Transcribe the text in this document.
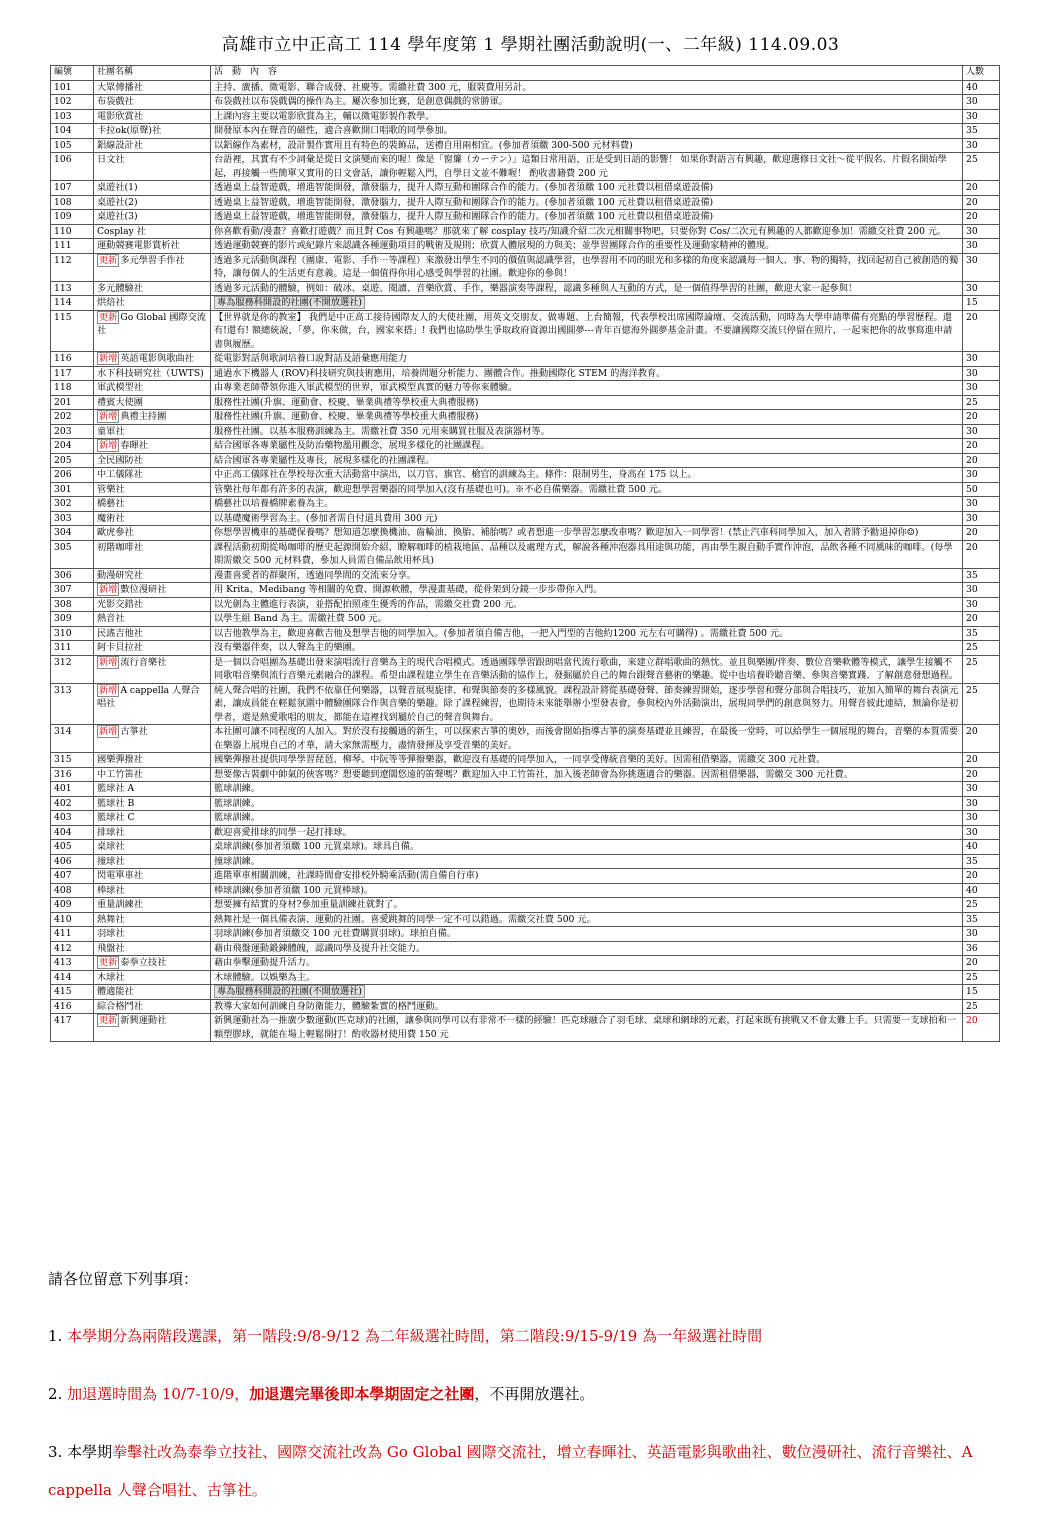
高雄市立中正高工 114 學年度第 1 學期社團活動說明(一、二年級) 114.09.03
編號	社團名稱	活　動　內　容	人數
101	大眾傳播社	主持、廣播、微電影、聯合成發、社慶等。需繳社費 300 元，服裝費用另計。	40
102	布袋戲社	布袋戲社以布袋戲偶的操作為主。屢次參加比賽，是創意偶戲的常勝軍。	30
103	電影欣賞社	上課內容主要以電影欣賞為主，輔以微電影製作教學。	30
104	卡拉ok(原聲)社	開發原本內在聲音的磁性，適合喜歡開口唱歌的同學參加。	35
105	鋁線設計社	以鋁線作為素材，設計製作實用且有特色的裝飾品，送禮自用兩相宜。(參加者須繳 300-500 元材料費)	30
106	日文社	台語裡，其實有不少詞彙是從日文演變而來的喔！像是「窗簾（カーテン）」這類日常用語，正是受到日語的影響！ 如果你對語言有興趣，歡迎選修日文社～從平假名、片假名開始學起，再接觸一些簡單又實用的日文會話，讓你輕鬆入門，自學日文並不難喔！ 酌收書籍費 200 元	25
107	桌遊社(1)	透過桌上益智遊戲，增進智能開發，激發腦力，提升人際互動和團隊合作的能力。(參加者須繳 100 元社費以租借桌遊設備)	20
108	桌遊社(2)	透過桌上益智遊戲，增進智能開發，激發腦力，提升人際互動和團隊合作的能力。(參加者須繳 100 元社費以租借桌遊設備)	20
109	桌遊社(3)	透過桌上益智遊戲，增進智能開發，激發腦力，提升人際互動和團隊合作的能力。(參加者須繳 100 元社費以租借桌遊設備)	20
110	Cosplay 社	你喜歡看動/漫畫？喜歡打遊戲？而且對 Cos 有興趣嗎？那就來了解 cosplay 技巧/知識介紹二次元相關事物吧，只要你對 Cos/二次元有興趣的人都歡迎參加！需繳交社費 200 元。	30
111	運動競賽電影賞析社	透過運動競賽的影片或紀錄片來認識各種運動項目的戰術及規則；欣賞人體展現的力與美；並學習團隊合作的重要性及運動家精神的體現。	30
112	更新 多元學習手作社	透過多元活動與課程（團康、電影、手作⋯等課程）來激發出學生不同的價值與認識學習，也學習用不同的眼光和多樣的角度來認識每一個人、事、物的獨特，找回起初自己被創造的獨特，讓每個人的生活更有意義。這是一個值得你用心感受與學習的社團。歡迎你的參與！	30
113	多元體驗社	透過多元活動的體驗，例如：破冰、桌遊、閱讀、音樂欣賞、手作，樂器演奏等課程，認識多種與人互動的方式，是一個值得學習的社團，歡迎大家一起參與！	30
114	烘焙社	專為服務科開設的社團(不開放選社)	15
115	更新 Go Global 國際交流社	【世界就是你的教室】 我們是中正高工接待國際友人的大使社團，用英文交朋友、做專題、上台簡報，代表學校出席國際論壇、交流活動，同時為大學申請準備有亮點的學習歷程。還有!還有! 額總統說，「夢，你來做，台，國家來搭」! 我們也協助學生爭取政府資源出國圓夢---青年百億海外圓夢基金計畫。不要讓國際交流只停留在照片，一起來把你的故事寫進申請書與履歷。	20
116	新增 英語電影與歌曲社	從電影對話與歌詞培養口說對話及語彙應用能力	30
117	水下科技研究社（UWTS)	通過水下機器人 (ROV)科技研究與技術應用，培養問題分析能力、團體合作。推動國際化 STEM 的海洋教育。	30
118	軍武模型社	由專業老師帶領你進入軍武模型的世界，軍武模型真實的魅力等你來體驗。	30
201	禮賓大使團	服務性社團(升旗、運動會、校慶、畢業典禮等學校重大典禮服務)	25
202	新增 典禮主持團	服務性社團(升旗、運動會、校慶、畢業典禮等學校重大典禮服務)	20
203	童軍社	服務性社團。以基本服務訓練為主。需繳社費 350 元用來購買社服及表演器材等。	30
204	新增 春暉社	結合國軍各專業屬性及防治藥物濫用觀念，展現多樣化的社團課程。	20
205	全民國防社	結合國軍各專業屬性及專長，展現多樣化的社團課程。	20
206	中工儀隊社	中正高工儀隊社在學校每次重大活動當中演出，以刀官、旗官、槍官的訓練為主。條件：限制男生，身高在 175 以上。	30
301	管樂社	管樂社每年都有許多的表演，歡迎想學習樂器的同學加入(沒有基礎也可)。※不必自備樂器。需繳社費 500 元。	50
302	橋藝社	橋藝社以培養橋牌素養為主。	30
303	魔術社	以基礎魔術學習為主。(參加者需自付道具費用 300 元)	30
304	歐虎參社	你想學習機車的基礎保養嗎？想知道怎麼換機油、齒輪油、換胎、補胎嗎？或者想進一步學習怎麼改車嗎？歡迎加入一同學習！(禁止汽車科同學加入，加入者將予勸退掉你☺)	20
305	初階咖啡社	課程活動初期從喝咖啡的歷史起源開始介紹、瞭解咖啡的植栽地區、品種以及處理方式，解說各種沖泡器具用途與功能，再由學生親自動手實作沖泡，品飲各種不同風味的咖啡。(每學期需繳交 500 元材料費，參加人員需自備品飲用杯具)	20
306	動漫研究社	漫畫喜愛者的群聚所，透過同學間的交流來分享。	35
307	新增 數位漫研社	用 Krita、Medibang 等相關的免費、開源軟體，學漫畫基礎，從骨架到分鏡一步步帶你入門。	30
308	光影交錯社	以光劍為主體進行表演，並搭配拍照產生優秀的作品，需繳交社費 200 元。	30
309	熱音社	以學生組 Band 為主。需繳社費 500 元。	20
310	民謠吉他社	以吉他教學為主，歡迎喜歡吉他及想學吉他的同學加入。(參加者須自備吉他，一把入門型的吉他約1200 元左右可購得) 。需繳社費 500 元。	35
311	阿卡貝拉社	沒有樂器伴奏，以人聲為主的樂團。	25
312	新增 流行音樂社	是一個以合唱團為基礎出發來演唱流行音樂為主的現代合唱模式。透過團隊學習跟朗唱當代流行歌曲，來建立群唱歌曲的熱忱。並且與樂團/伴奏、數位音樂軟體等模式，讓學生接觸不同歌唱音樂與流行音樂元素融合的課程。希望由課程建立學生在音樂活動的協作上，發掘屬於自己的舞台跟聲音藝術的樂趣。從中也培養聆聽音樂、參與音樂實踐、了解創意發想過程。	25
313	新增 A cappella 人聲合唱社	純人聲合唱的社團，我們不依靠任何樂器，以聲音展現旋律、和聲與節奏的多樣風貌。課程設計將從基礎發聲、節奏練習開始，逐步學習和聲分部與合唱技巧，並加入簡單的舞台表演元素，讓成員能在輕鬆氛圍中體驗團隊合作與音樂的樂趣。除了課程練習，也期待未來能舉辦小型發表會，參與校內外活動演出，展現同學們的創意與努力。用聲音彼此連結，無論你是初學者，還是熱愛歌唱的朋友，都能在這裡找到屬於自己的聲音與舞台。	25
314	新增 古箏社	本社團可讓不同程度的人加入。對於沒有接觸過的新生，可以探索古箏的奧妙，而後會開始指導古箏的演奏基礎並且練習，在最後一堂時，可以給學生一個展現的舞台，音樂的本質需要在樂器上展現自己的才華，請大家無需壓力，盡情發揮及享受音樂的美好。	20
315	國樂彈撥社	國樂彈撥社提供同學學習琵琶、柳琴、中阮等等彈撥樂器，歡迎沒有基礎的同學加入，一同享受傳統音樂的美好。因需租借樂器，需繳交 300 元社費。	20
316	中工竹笛社	想要像古裝劇中帥氣的俠客嗎？想要聽到遼闊悠遠的笛聲嗎？歡迎加入中工竹笛社，加入後老師會為你挑選適合的樂器。因需租借樂器，需繳交 300 元社費。	20
401	籃球社 A	籃球訓練。	30
402	籃球社 B	籃球訓練。	30
403	籃球社 C	籃球訓練。	30
404	排球社	歡迎喜愛排球的同學一起打排球。	30
405	桌球社	桌球訓練(參加者須繳 100 元買桌球)。球具自備。	40
406	撞球社	撞球訓練。	35
407	閃電單車社	進階單車相關訓練，社課時間會安排校外騎乘活動(需自備自行車)	20
408	棒球社	棒球訓練(參加者須繳 100 元買棒球)。	40
409	重量訓練社	想要擁有結實的身材?參加重量訓練社就對了。	25
410	熱舞社	熱舞社是一個具備表演、運動的社團。喜愛跳舞的同學一定不可以錯過。需繳交社費 500 元。	35
411	羽球社	羽球訓練(參加者須繳交 100 元社費購買羽球)。球拍自備。	30
412	飛盤社	藉由飛盤運動鍛鍊體魄，認識同學及提升社交能力。	36
413	更新 泰拳立技社	藉由拳擊運動提升活力。	20
414	木球社	木球體驗。以娛樂為主。	25
415	體適能社	專為服務科開設的社團(不開放選社)	15
416	綜合格鬥社	教導大家如何訓練自身防衛能力，體驗紮實的格鬥運動。	25
417	更新 新興運動社	新興運動社為一推廣少數運動(匹克球)的社團，讓參與同學可以有非常不一樣的經驗！匹克球融合了羽毛球、桌球和網球的元素，打起來既有挑戰又不會太難上手。只需要一支球拍和一顆塑膠球，就能在場上輕鬆開打！酌收器材使用費 150 元	20
請各位留意下列事項：
1. 本學期分為兩階段選課，第一階段:9/8-9/12 為二年級選社時間，第二階段:9/15-9/19 為一年級選社時間
2. 加退選時間為 10/7-10/9，加退選完畢後即本學期固定之社團，不再開放選社。
3. 本學期拳擊社改為泰拳立技社、國際交流社改為 Go Global 國際交流社，增立春暉社、英語電影與歌曲社、數位漫研社、流行音樂社、A cappella 人聲合唱社、古箏社。
